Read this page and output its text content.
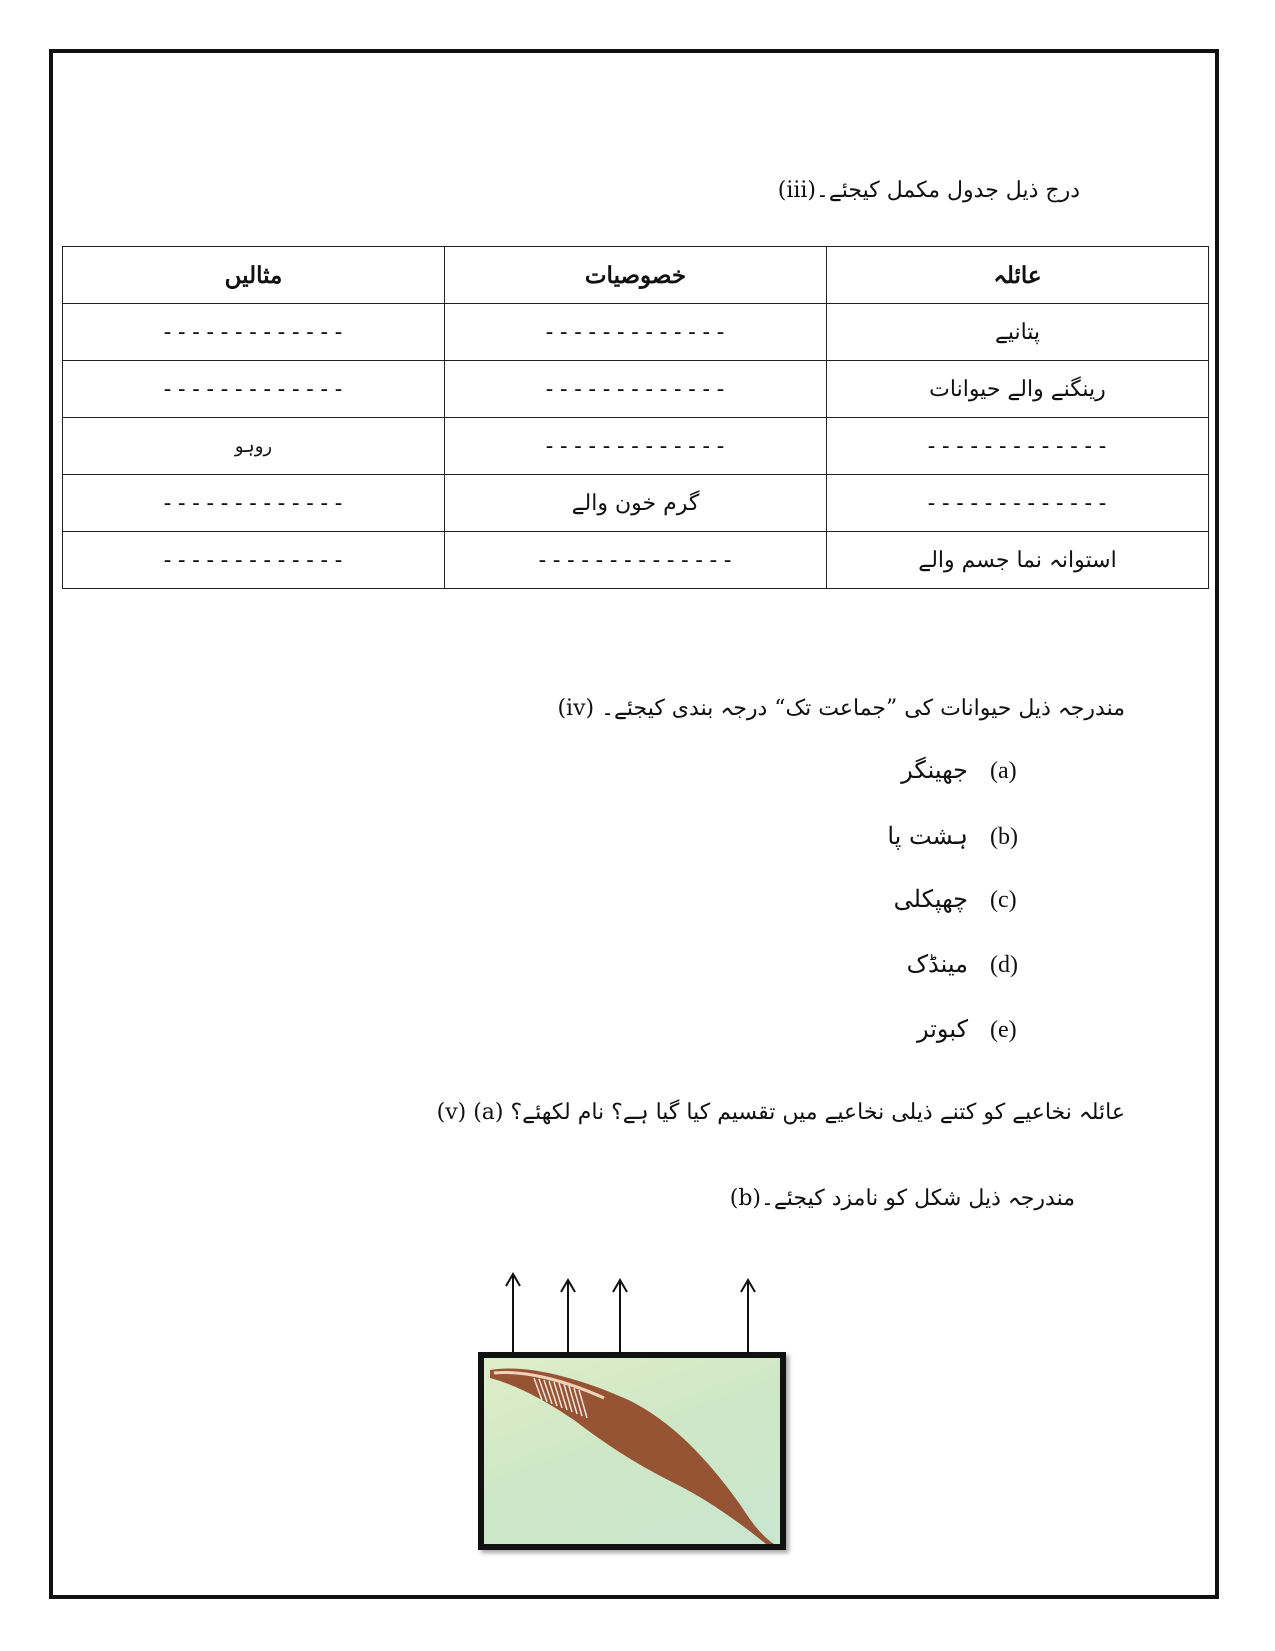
(iii)درج ذیل جدول مکمل کیجئے۔
عائلہ	خصوصیات	مثالیں
پتانیے	-------------	-------------
رینگنے والے حیوانات	-------------	-------------
-------------	-------------	روہو
-------------	گرم خون والے	-------------
استوانہ نما جسم والے	--------------	-------------
(iv) مندرجہ ذیل حیوانات کی ”جماعت تک“ درجہ بندی کیجئے۔
جھینگر (a)
ہشت پا (b)
چھپکلی (c)
مینڈک (d)
کبوتر (e)
(v) (a) عائلہ نخاعیے کو کتنے ذیلی نخاعیے میں تقسیم کیا گیا ہے؟ نام لکھئے؟
(b)مندرجہ ذیل شکل کو نامزد کیجئے۔
